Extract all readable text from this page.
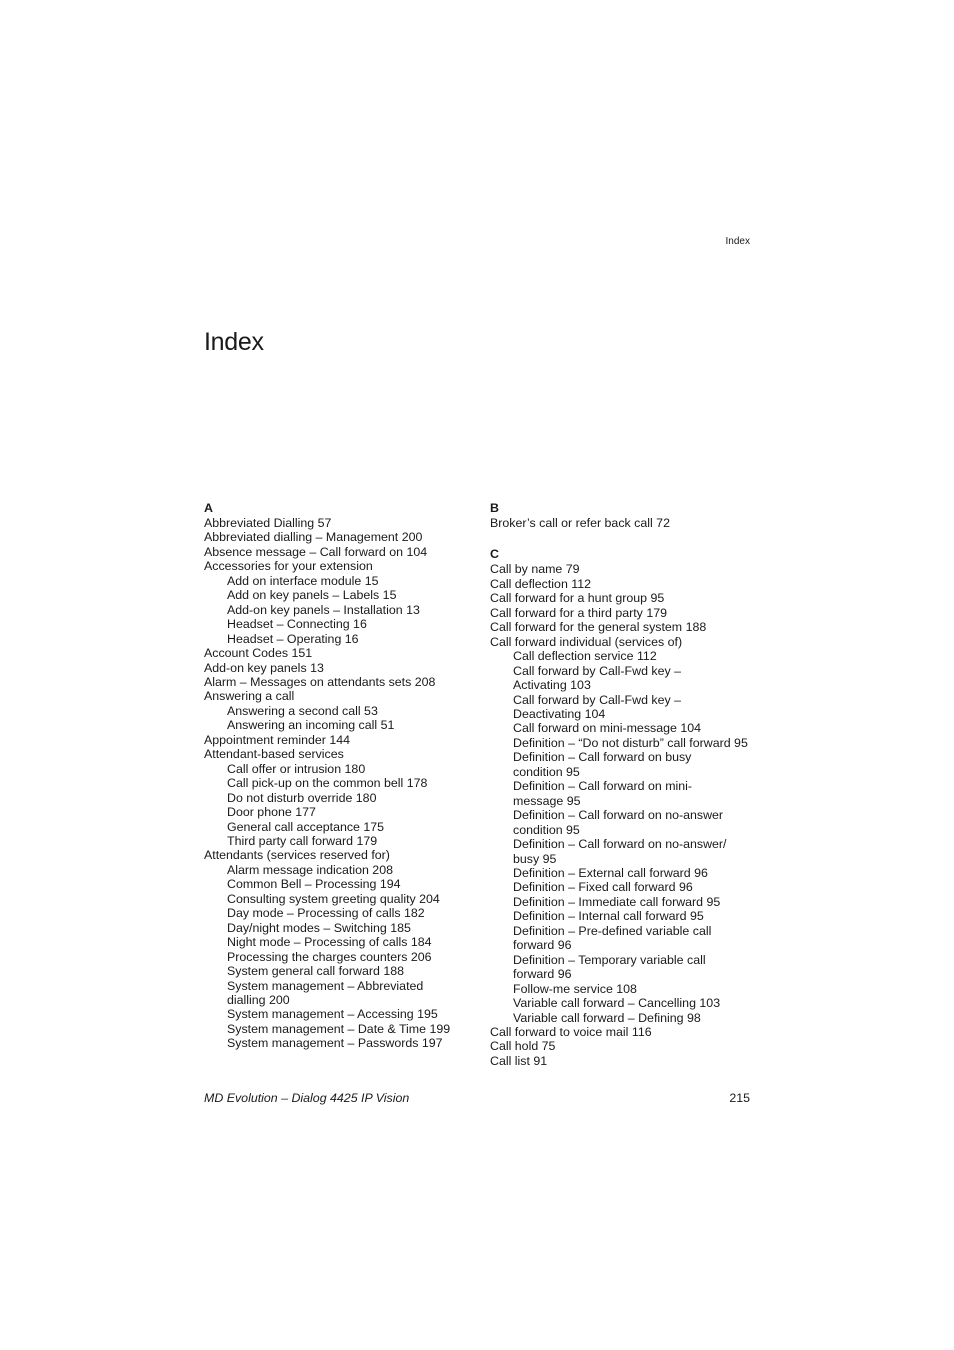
Index
Index
A
Abbreviated Dialling 57
Abbreviated dialling – Management 200
Absence message – Call forward on 104
Accessories for your extension
Add on interface module 15
Add on key panels – Labels 15
Add-on key panels – Installation 13
Headset – Connecting 16
Headset – Operating 16
Account Codes 151
Add-on key panels 13
Alarm – Messages on attendants sets 208
Answering a call
Answering a second call 53
Answering an incoming call 51
Appointment reminder 144
Attendant-based services
Call offer or intrusion 180
Call pick-up on the common bell 178
Do not disturb override 180
Door phone 177
General call acceptance 175
Third party call forward 179
Attendants (services reserved for)
Alarm message indication 208
Common Bell – Processing 194
Consulting system greeting quality 204
Day mode – Processing of calls 182
Day/night modes – Switching 185
Night mode – Processing of calls 184
Processing the charges counters 206
System general call forward 188
System management – Abbreviated
dialling 200
System management – Accessing 195
System management – Date & Time 199
System management – Passwords 197
B
Broker’s call or refer back call 72
C
Call by name 79
Call deflection 112
Call forward for a hunt group 95
Call forward for a third party 179
Call forward for the general system 188
Call forward individual (services of)
Call deflection service 112
Call forward by Call-Fwd key –
Activating 103
Call forward by Call-Fwd key –
Deactivating 104
Call forward on mini-message 104
Definition – “Do not disturb” call forward 95
Definition – Call forward on busy
condition 95
Definition – Call forward on mini-
message 95
Definition – Call forward on no-answer
condition 95
Definition – Call forward on no-answer/
busy 95
Definition – External call forward 96
Definition – Fixed call forward 96
Definition – Immediate call forward 95
Definition – Internal call forward 95
Definition – Pre-defined variable call
forward 96
Definition – Temporary variable call
forward 96
Follow-me service 108
Variable call forward – Cancelling 103
Variable call forward – Defining 98
Call forward to voice mail 116
Call hold 75
Call list 91
MD Evolution – Dialog 4425 IP Vision	215
